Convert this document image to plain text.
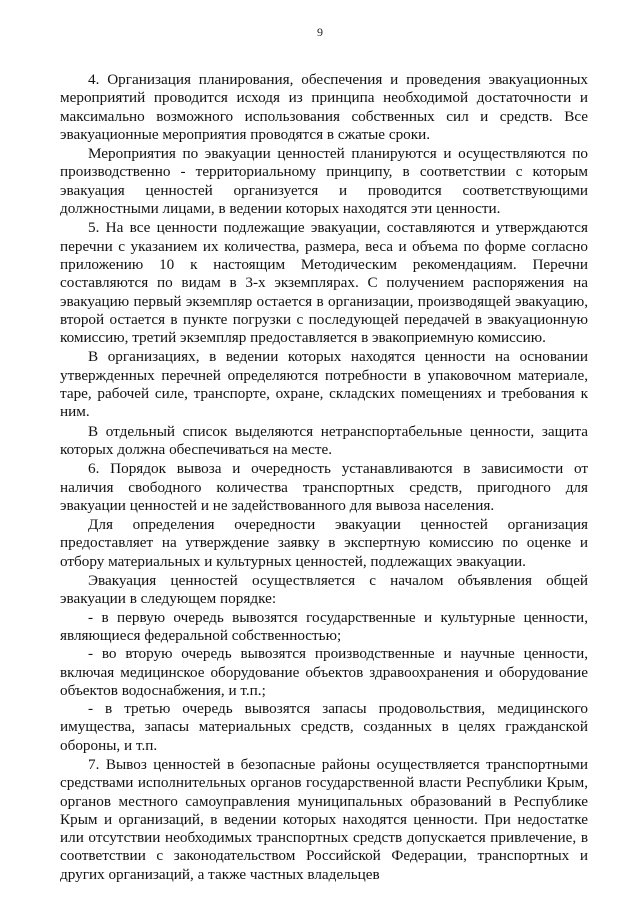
9

4. Организация планирования, обеспечения и проведения эвакуационных мероприятий проводится исходя из принципа необходимой достаточности и максимально возможного использования собственных сил и средств. Все эвакуационные мероприятия проводятся в сжатые сроки.

Мероприятия по эвакуации ценностей планируются и осуществляются по производственно - территориальному принципу, в соответствии с которым эвакуация ценностей организуется и проводится соответствующими должностными лицами, в ведении которых находятся эти ценности.

5. На все ценности подлежащие эвакуации, составляются и утверждаются перечни с указанием их количества, размера, веса и объема по форме согласно приложению 10 к настоящим Методическим рекомендациям. Перечни составляются по видам в 3-х экземплярах. С получением распоряжения на эвакуацию первый экземпляр остается в организации, производящей эвакуацию, второй остается в пункте погрузки с последующей передачей в эвакуационную комиссию, третий экземпляр предоставляется в эвакоприемную комиссию.

В организациях, в ведении которых находятся ценности на основании утвержденных перечней определяются потребности в упаковочном материале, таре, рабочей силе, транспорте, охране, складских помещениях и требования к ним.

В отдельный список выделяются нетранспортабельные ценности, защита которых должна обеспечиваться на месте.

6. Порядок вывоза и очередность устанавливаются в зависимости от наличия свободного количества транспортных средств, пригодного для эвакуации ценностей и не задействованного для вывоза населения.

Для определения очередности эвакуации ценностей организация предоставляет на утверждение заявку в экспертную комиссию по оценке и отбору материальных и культурных ценностей, подлежащих эвакуации.

Эвакуация ценностей осуществляется с началом объявления общей эвакуации в следующем порядке:

- в первую очередь вывозятся государственные и культурные ценности, являющиеся федеральной собственностью;

- во вторую очередь вывозятся производственные и научные ценности, включая медицинское оборудование объектов здравоохранения и оборудование объектов водоснабжения, и т.п.;

- в третью очередь вывозятся запасы продовольствия, медицинского имущества, запасы материальных средств, созданных в целях гражданской обороны, и т.п.

7. Вывоз ценностей в безопасные районы осуществляется транспортными средствами исполнительных органов государственной власти Республики Крым, органов местного самоуправления муниципальных образований в Республике Крым и организаций, в ведении которых находятся ценности. При недостатке или отсутствии необходимых транспортных средств допускается привлечение, в соответствии с законодательством Российской Федерации, транспортных и других организаций, а также частных владельцев
